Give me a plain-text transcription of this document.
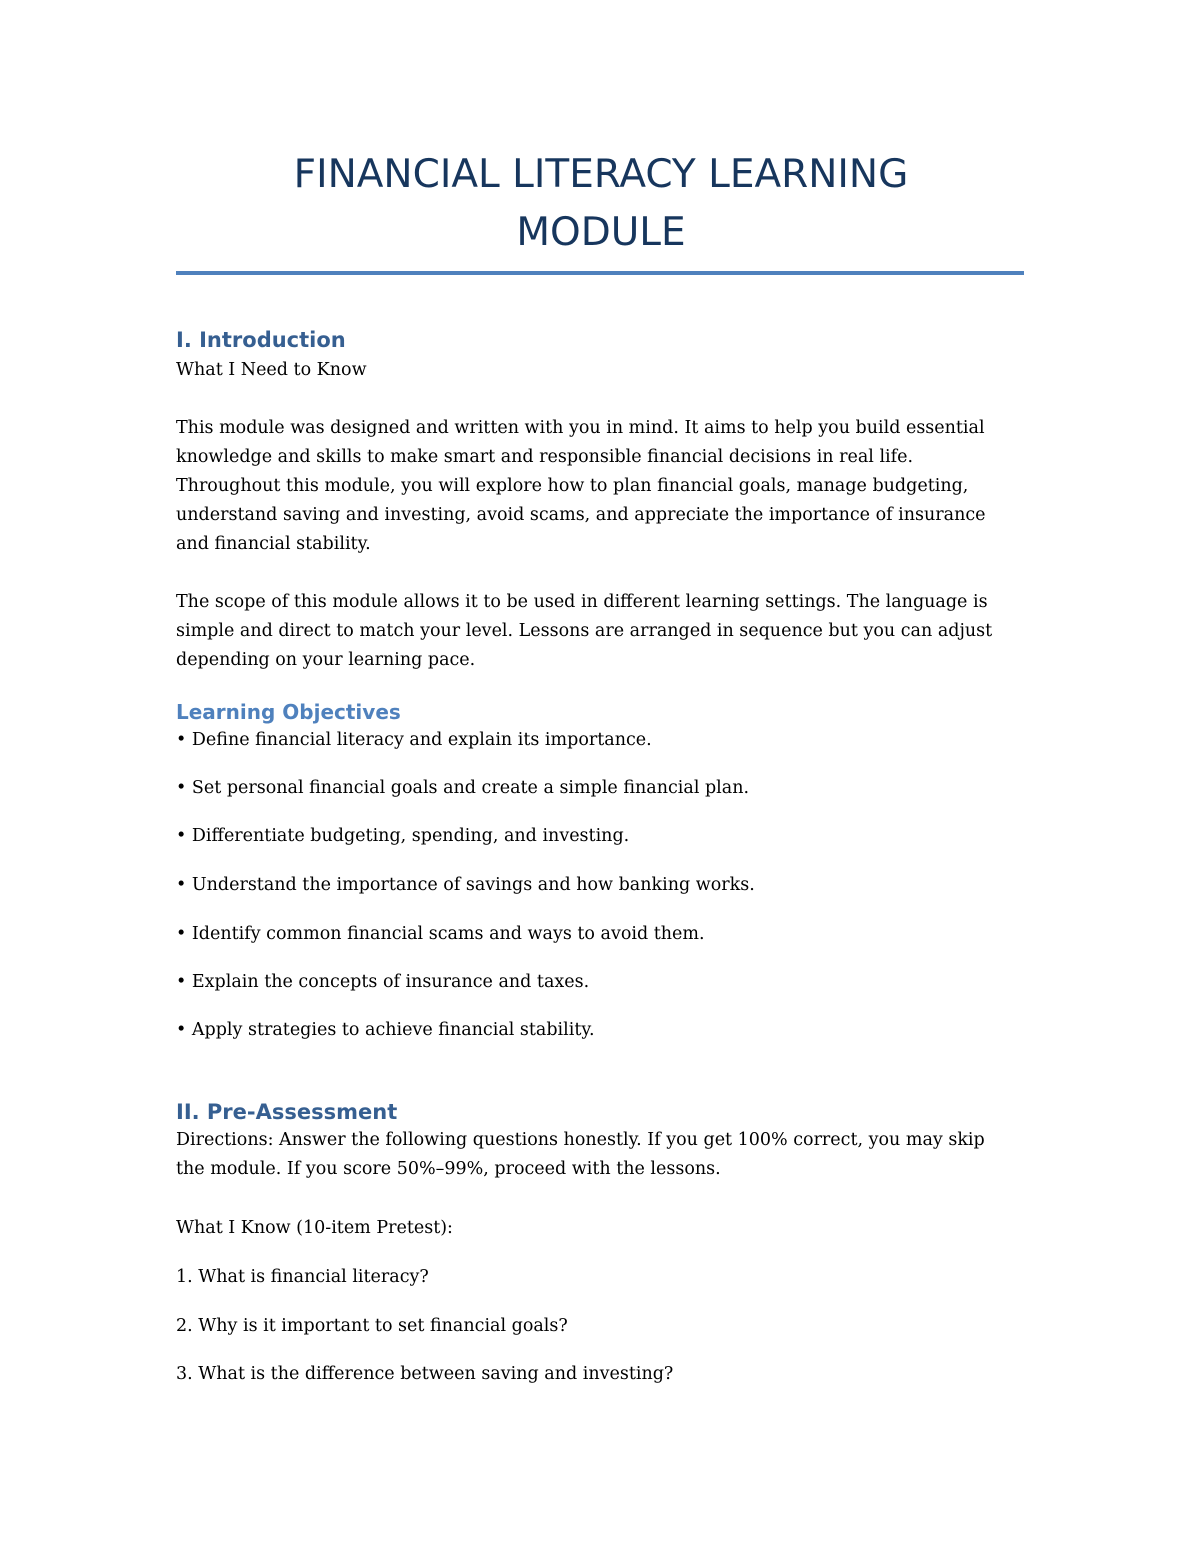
FINANCIAL LITERACY LEARNING
MODULE
I. Introduction

What I Need to Know

This module was designed and written with you in mind. It aims to help you build essential
knowledge and skills to make smart and responsible financial decisions in real life.
Throughout this module, you will explore how to plan financial goals, manage budgeting,
understand saving and investing, avoid scams, and appreciate the importance of insurance
and financial stability.
The scope of this module allows it to be used in different learning settings. The language is
simple and direct to match your level. Lessons are arranged in sequence but you can adjust
depending on your learning pace.
Learning Objectives

• Define financial literacy and explain its importance.

• Set personal financial goals and create a simple financial plan.

• Differentiate budgeting, spending, and investing.

• Understand the importance of savings and how banking works.

• Identify common financial scams and ways to avoid them.

• Explain the concepts of insurance and taxes.

• Apply strategies to achieve financial stability.

II. Pre-Assessment
Directions: Answer the following questions honestly. If you get 100% correct, you may skip
the module. If you score 50%–99%, proceed with the lessons.

What I Know (10-item Pretest):

1. What is financial literacy?

2. Why is it important to set financial goals?

3. What is the difference between saving and investing?
